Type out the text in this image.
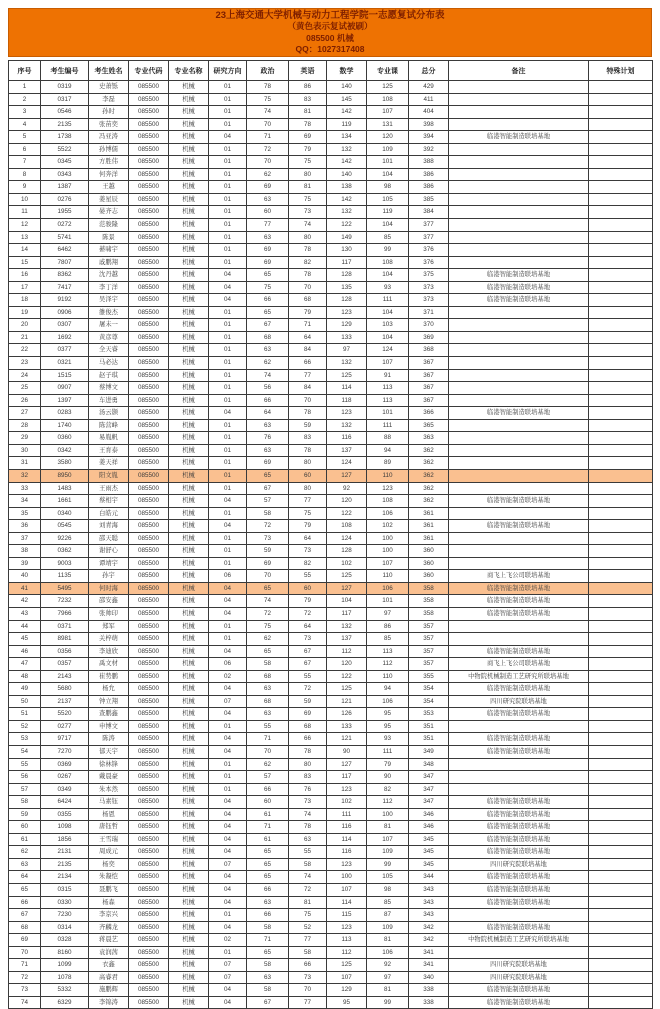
23上海交通大学机械与动力工程学院一志愿复试分布表
（黄色表示复试被刷）
085500 机械
QQ：1027317408
序号	考生编号	考生姓名	专业代码	专业名称	研究方向	政治	英语	数学	专业课	总分	备注	特殊计划
1	0319	史萧铄	085500	机械	01	78	86	140	125	429		
2	0317	李磊	085500	机械	01	75	83	145	108	411		
3	0546	孙时	085500	机械	01	74	81	142	107	404		
4	2135	张苗奕	085500	机械	01	70	78	119	131	398		
5	1738	冯亚涛	085500	机械	04	71	69	134	120	394	临港智能制造联培基地	
6	5522	孙博儒	085500	机械	01	72	79	132	109	392		
7	0345	方胜伟	085500	机械	01	70	75	142	101	388		
8	0343	何奔洋	085500	机械	01	62	80	140	104	386		
9	1387	王越	085500	机械	01	69	81	138	98	386		
10	0276	姜星辰	085500	机械	01	63	75	142	105	385		
11	1955	晏齐志	085500	机械	01	60	73	132	119	384		
12	0272	范骏隆	085500	机械	01	77	74	122	104	377		
13	5741	陈景	085500	机械	01	63	80	149	85	377		
14	6462	綦啸宇	085500	机械	01	69	78	130	99	376		
15	7807	戚鹏翔	085500	机械	01	69	82	117	108	376		
16	8362	沈丹越	085500	机械	04	65	78	128	104	375	临港智能制造联培基地	
17	7417	李丁洋	085500	机械	04	75	70	135	93	373	临港智能制造联培基地	
18	9192	吴泽宇	085500	机械	04	66	68	128	111	373	临港智能制造联培基地	
19	0906	雒俊杰	085500	机械	01	65	79	123	104	371		
20	0307	屠未一	085500	机械	01	67	71	129	103	370		
21	1692	黄彦尊	085500	机械	01	68	64	133	104	369		
22	0377	全天睿	085500	机械	01	63	84	97	124	368		
23	0321	马必达	085500	机械	01	62	66	132	107	367		
24	1515	赵子琪	085500	机械	01	74	77	125	91	367		
25	0907	蔡博文	085500	机械	01	56	84	114	113	367		
26	1397	车进勇	085500	机械	01	66	70	118	113	367		
27	0283	汤云颢	085500	机械	04	64	78	123	101	366	临港智能制造联培基地	
28	1740	陈营峰	085500	机械	01	63	59	132	111	365		
29	0360	易胤帆	085500	机械	01	76	83	116	88	363		
30	0342	王育泰	085500	机械	01	63	78	137	94	362		
31	3580	姜天祥	085500	机械	01	69	80	124	89	362		
32	8950	阳文胤	085500	机械	01	65	60	127	110	362		
33	1483	王雨杰	085500	机械	01	67	80	92	123	362		
34	1661	蔡相宇	085500	机械	04	57	77	120	108	362	临港智能制造联培基地	
35	0340	白皓元	085500	机械	01	58	75	122	106	361		
36	0545	刘青海	085500	机械	04	72	79	108	102	361	临港智能制造联培基地	
37	9226	邵天聪	085500	机械	01	73	64	124	100	361		
38	0362	谢舒心	085500	机械	01	59	73	128	100	360		
39	9003	谭靖宇	085500	机械	01	69	82	102	107	360		
40	1135	孙宇	085500	机械	06	70	55	125	110	360	商飞上飞公司联培基地	
41	5495	何时海	085500	机械	04	65	60	127	106	358	临港智能制造联培基地	
42	7232	邵安鑫	085500	机械	04	74	79	104	101	358	临港智能制造联培基地	
43	7966	张帅印	085500	机械	04	72	72	117	97	358	临港智能制造联培基地	
44	0371	郑军	085500	机械	01	75	64	132	86	357		
45	8981	关梓萌	085500	机械	01	62	73	137	85	357		
46	0356	李迪欣	085500	机械	04	65	67	112	113	357	临港智能制造联培基地	
47	0357	禹文材	085500	机械	06	58	67	120	112	357	商飞上飞公司联培基地	
48	2143	崔势鹏	085500	机械	02	68	55	122	110	355	中物院机械制造工艺研究所联培基地	
49	5680	杨允	085500	机械	04	63	72	125	94	354	临港智能制造联培基地	
50	2137	钟立翔	085500	机械	07	68	59	121	106	354	四川研究院联培基地	
51	5520	查鹏鑫	085500	机械	04	63	69	126	95	353	临港智能制造联培基地	
52	0277	申博文	085500	机械	01	55	68	133	95	351		
53	9717	陈涛	085500	机械	04	71	66	121	93	351	临港智能制造联培基地	
54	7270	郁天宇	085500	机械	04	70	78	90	111	349	临港智能制造联培基地	
55	0369	徐林锋	085500	机械	01	62	80	127	79	348		
56	0267	戴晨豪	085500	机械	01	57	83	117	90	347		
57	0349	朱本然	085500	机械	01	66	76	123	82	347		
58	6424	马素钰	085500	机械	04	60	73	102	112	347	临港智能制造联培基地	
59	0355	杨恩	085500	机械	04	61	74	111	100	346	临港智能制造联培基地	
60	1098	唐钰哲	085500	机械	04	71	78	116	81	346	临港智能制造联培基地	
61	1856	王雪瑞	085500	机械	04	61	63	114	107	345	临港智能制造联培基地	
62	2131	周成元	085500	机械	04	65	55	116	109	345	临港智能制造联培基地	
63	2135	杨奕	085500	机械	07	65	58	123	99	345	四川研究院联培基地	
64	2134	朱凝恺	085500	机械	04	65	74	100	105	344	临港智能制造联培基地	
65	0315	聂鹏飞	085500	机械	04	66	72	107	98	343	临港智能制造联培基地	
66	0330	杨森	085500	机械	04	63	81	114	85	343	临港智能制造联培基地	
67	7230	李京兴	085500	机械	01	66	75	115	87	343		
68	0314	齐麟龙	085500	机械	04	58	52	123	109	342	临港智能制造联培基地	
69	0328	蒋晨艺	085500	机械	02	71	77	113	81	342	中物院机械制造工艺研究所联培基地	
70	8160	袁润茜	085500	机械	01	65	58	112	106	341		
71	1099	衣鑫	085500	机械	07	58	66	125	92	341	四川研究院联培基地	
72	1078	高睿君	085500	机械	07	63	73	107	97	340	四川研究院联培基地	
73	5332	施鹏辉	085500	机械	04	58	70	129	81	338	临港智能制造联培基地	
74	6329	李锦涛	085500	机械	04	67	77	95	99	338	临港智能制造联培基地	
